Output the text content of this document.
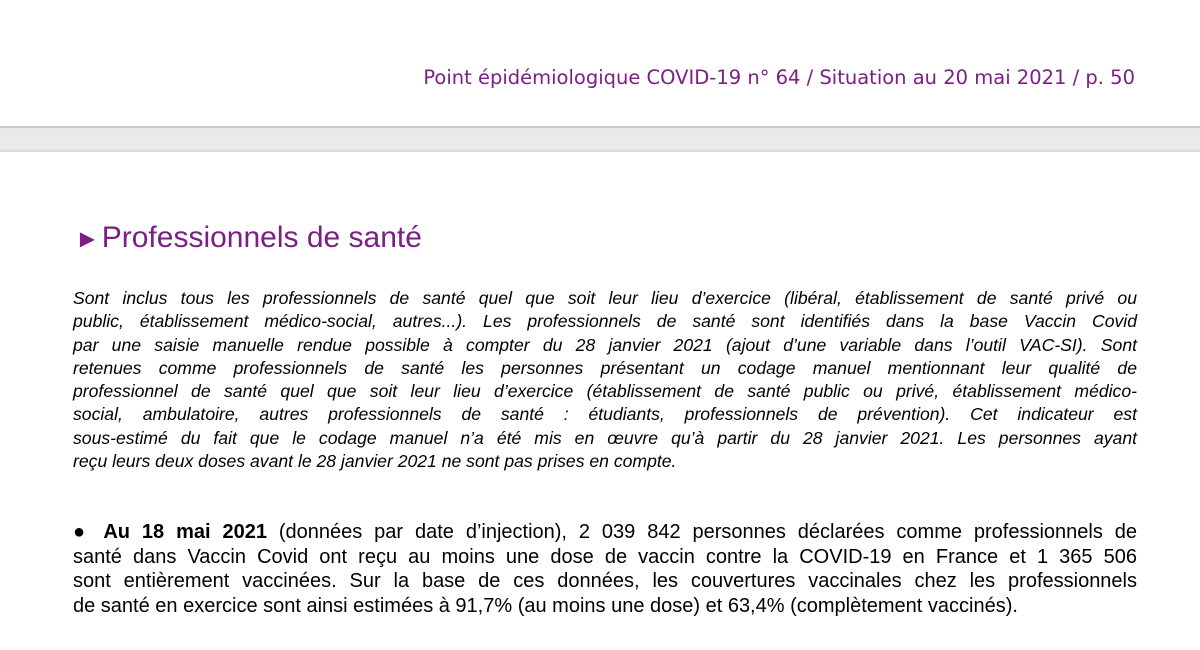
Point épidémiologique COVID-19 n° 64 / Situation au 20 mai 2021 / p. 50
►Professionnels de santé
Sont inclus tous les professionnels de santé quel que soit leur lieu d’exercice (libéral, établissement de santé privé ou
public, établissement médico-social, autres...). Les professionnels de santé sont identifiés dans la base Vaccin Covid
par une saisie manuelle rendue possible à compter du 28 janvier 2021 (ajout d’une variable dans l’outil VAC-SI). Sont
retenues comme professionnels de santé les personnes présentant un codage manuel mentionnant leur qualité de
professionnel de santé quel que soit leur lieu d’exercice (établissement de santé public ou privé, établissement médico-
social, ambulatoire, autres professionnels de santé : étudiants, professionnels de prévention). Cet indicateur est
sous-estimé du fait que le codage manuel n’a été mis en œuvre qu’à partir du 28 janvier 2021. Les personnes ayant
reçu leurs deux doses avant le 28 janvier 2021 ne sont pas prises en compte.
● Au 18 mai 2021 (données par date d’injection), 2 039 842 personnes déclarées comme professionnels de
santé dans Vaccin Covid ont reçu au moins une dose de vaccin contre la COVID-19 en France et 1 365 506
sont entièrement vaccinées. Sur la base de ces données, les couvertures vaccinales chez les professionnels
de santé en exercice sont ainsi estimées à 91,7% (au moins une dose) et 63,4% (complètement vaccinés).
